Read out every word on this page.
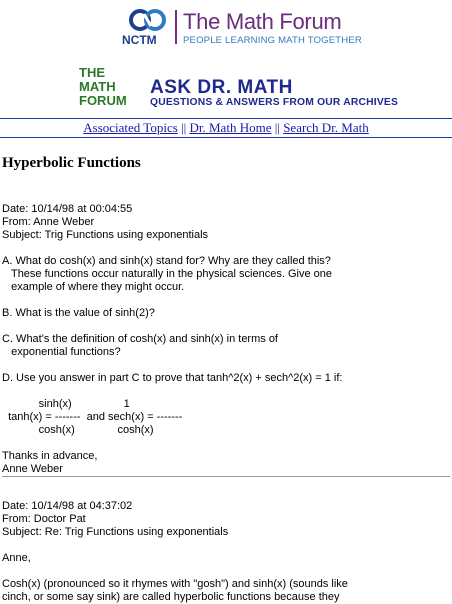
NCTM
The Math Forum
PEOPLE LEARNING MATH TOGETHER
THE
MATH
FORUM
ASK DR. MATH
QUESTIONS & ANSWERS FROM OUR ARCHIVES
Associated Topics || Dr. Math Home || Search Dr. Math
Hyperbolic Functions
Date: 10/14/98 at 00:04:55
From: Anne Weber
Subject: Trig Functions using exponentials
A. What do cosh(x) and sinh(x) stand for? Why are they called this?
These functions occur naturally in the physical sciences. Give one
example of where they might occur.
B. What is the value of sinh(2)?
C. What's the definition of cosh(x) and sinh(x) in terms of
exponential functions?
D. Use you answer in part C to prove that tanh^2(x) + sech^2(x) = 1 if:
sinh(x)                 1
tanh(x) = -------  and sech(x) = -------
cosh(x)              cosh(x)
Thanks in advance,
Anne Weber
Date: 10/14/98 at 04:37:02
From: Doctor Pat
Subject: Re: Trig Functions using exponentials
Anne,
Cosh(x) (pronounced so it rhymes with "gosh") and sinh(x) (sounds like
cinch, or some say sink) are called hyperbolic functions because they
